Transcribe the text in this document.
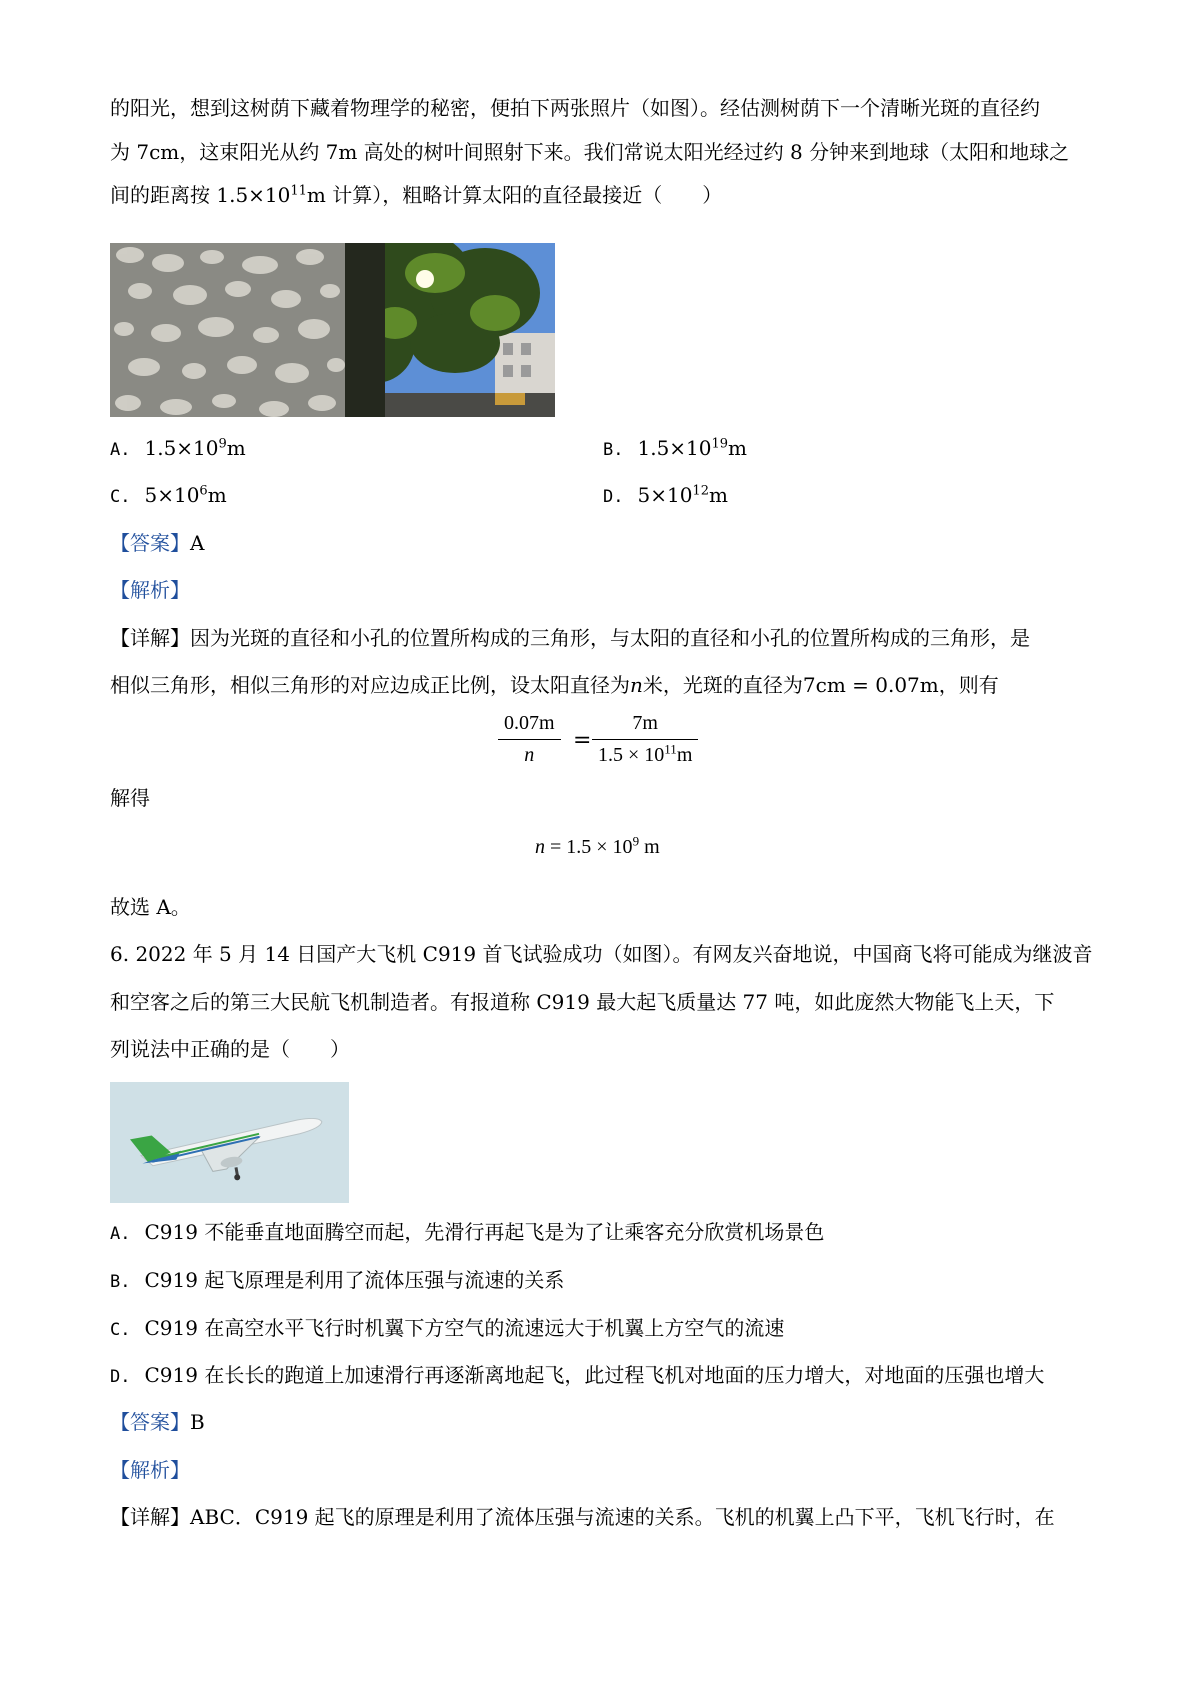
的阳光，想到这树荫下藏着物理学的秘密，便拍下两张照片（如图）。经估测树荫下一个清晰光斑的直径约
为 7cm，这束阳光从约 7m 高处的树叶间照射下来。我们常说太阳光经过约 8 分钟来到地球（太阳和地球之
间的距离按 $1.5\times 10^{11}m$ 计算），粗略计算太阳的直径最接近（　　）
A. $1.5\times 10^9m$	B. $1.5\times 10^{19}m$
C. $5\times 10^6m$	D. $5\times 10^{12}m$
【答案】A
【解析】
【详解】因为光斑的直径和小孔的位置所构成的三角形，与太阳的直径和小孔的位置所构成的三角形，是
相似三角形，相似三角形的对应边成正比例，设太阳直径为n米，光斑的直径为7cm = 0.07m，则有
$\frac{0.07m}{n} = \frac{7m}{1.5 \times 10^{11}m}$
解得
$n = 1.5 \times 10^9$ m
故选 A。
6. 2022 年 5 月 14 日国产大飞机 C919 首飞试验成功（如图）。有网友兴奋地说，中国商飞将可能成为继波音
和空客之后的第三大民航飞机制造者。有报道称 C919 最大起飞质量达 77 吨，如此庞然大物能飞上天，下
列说法中正确的是（　　）
A. C919 不能垂直地面腾空而起，先滑行再起飞是为了让乘客充分欣赏机场景色
B. C919 起飞原理是利用了流体压强与流速的关系
C. C919 在高空水平飞行时机翼下方空气的流速远大于机翼上方空气的流速
D. C919 在长长的跑道上加速滑行再逐渐离地起飞，此过程飞机对地面的压力增大，对地面的压强也增大
【答案】B
【解析】
【详解】ABC．C919 起飞的原理是利用了流体压强与流速的关系。飞机的机翼上凸下平，飞机飞行时，在
